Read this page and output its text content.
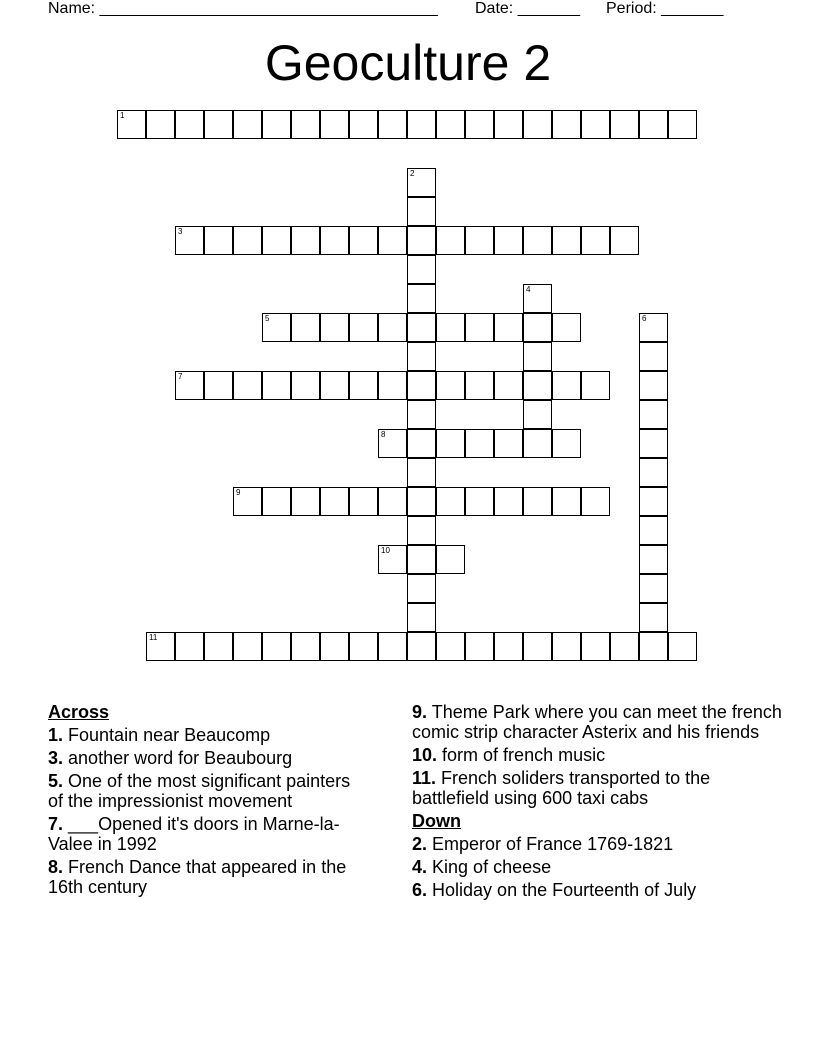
Name: ______________________________________ Date: _______ Period: _______
Geoculture 2
1
2
3
4
5	6
7
8
9
10
11
Across
1. Fountain near Beaucomp
3. another word for Beaubourg
5. One of the most significant painters of the impressionist movement
7. ___Opened it's doors in Marne-la-Valee in 1992
8. French Dance that appeared in the 16th century
9. Theme Park where you can meet the french comic strip character Asterix and his friends
10. form of french music
11. French soliders transported to the battlefield using 600 taxi cabs
Down
2. Emperor of France 1769-1821
4. King of cheese
6. Holiday on the Fourteenth of July
